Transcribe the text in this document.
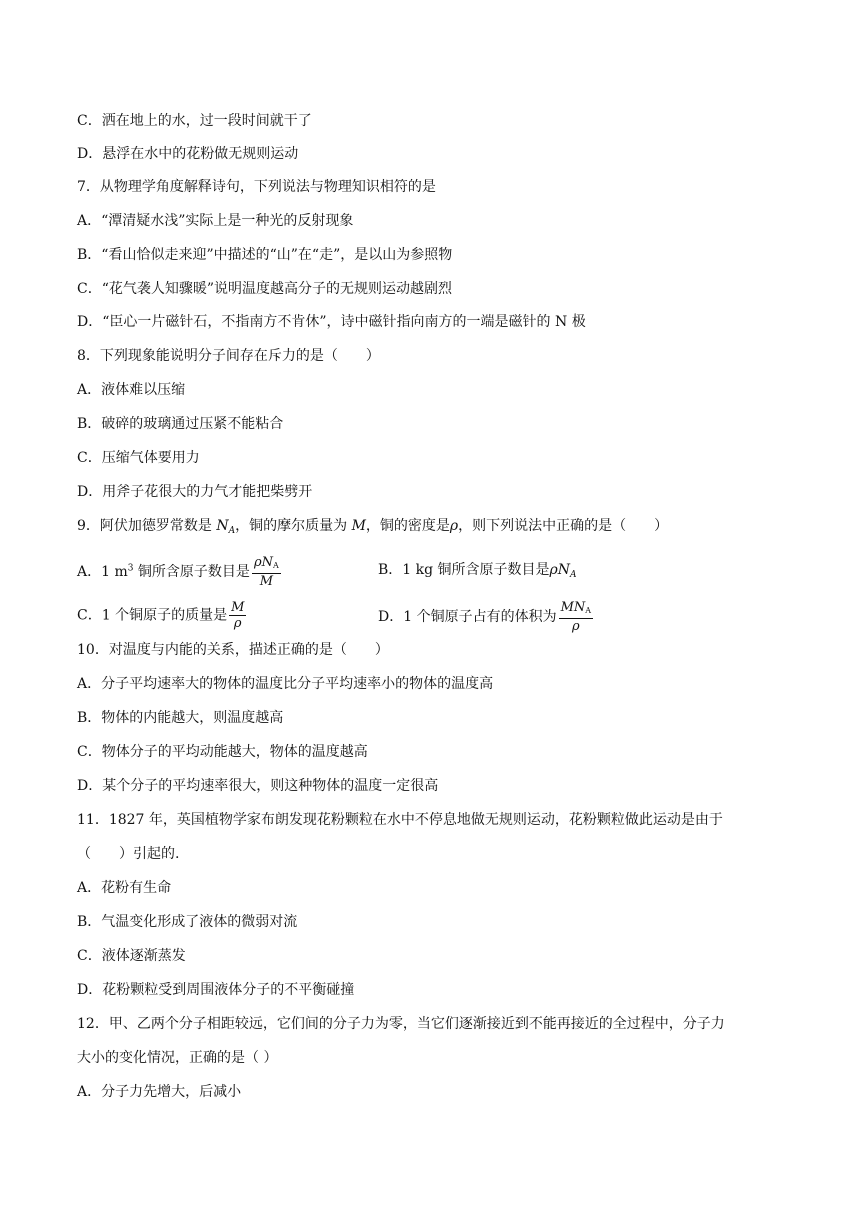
C．洒在地上的水，过一段时间就干了
D．悬浮在水中的花粉做无规则运动
7．从物理学角度解释诗句，下列说法与物理知识相符的是
A．“潭清疑水浅”实际上是一种光的反射现象
B．“看山恰似走来迎”中描述的“山”在“走”，是以山为参照物
C．“花气袭人知骤暖”说明温度越高分子的无规则运动越剧烈
D．“臣心一片磁针石，不指南方不肯休”，诗中磁针指向南方的一端是磁针的 N 极
8．下列现象能说明分子间存在斥力的是（　　）
A．液体难以压缩
B．破碎的玻璃通过压紧不能粘合
C．压缩气体要用力
D．用斧子花很大的力气才能把柴劈开
9．阿伏加德罗常数是 $N_A$，铜的摩尔质量为 M，铜的密度是ρ，则下列说法中正确的是（　　）
A．1 $m^3$ 铜所含原子数目是 $\frac{\rho N_A}{M}$	B．1 kg 铜所含原子数目是$\rho N_A$
C．1 个铜原子的质量是 $\frac{M}{\rho}$	D．1 个铜原子占有的体积为 $\frac{MN_A}{\rho}$
10．对温度与内能的关系，描述正确的是（　　）
A．分子平均速率大的物体的温度比分子平均速率小的物体的温度高
B．物体的内能越大，则温度越高
C．物体分子的平均动能越大，物体的温度越高
D．某个分子的平均速率很大，则这种物体的温度一定很高
11．1827 年，英国植物学家布朗发现花粉颗粒在水中不停息地做无规则运动，花粉颗粒做此运动是由于
（　　）引起的.
A．花粉有生命
B．气温变化形成了液体的微弱对流
C．液体逐渐蒸发
D．花粉颗粒受到周围液体分子的不平衡碰撞
12．甲、乙两个分子相距较远，它们间的分子力为零，当它们逐渐接近到不能再接近的全过程中，分子力
大小的变化情况，正确的是（ ）
A．分子力先增大，后减小
